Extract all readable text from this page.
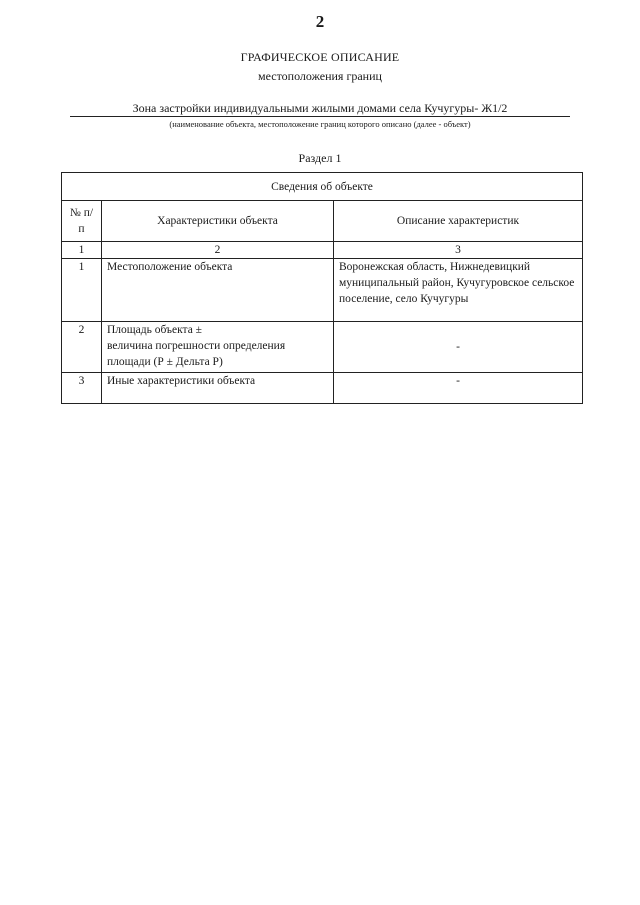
2
ГРАФИЧЕСКОЕ ОПИСАНИЕ
местоположения границ
Зона застройки индивидуальными жилыми домами села Кучугуры- Ж1/2
(наименование объекта, местоположение границ которого описано (далее - объект)
Раздел 1
Сведения об объекте		
№ п/п	Характеристики объекта	Описание характеристик
1	2	3
1	Местоположение объекта	Воронежская область, Нижнедевицкий муниципальный район, Кучугуровское сельское поселение, село Кучугуры
2	Площадь объекта ±
величина погрешности определения
площади (Р ± Дельта Р)	-
3	Иные характеристики объекта	-
